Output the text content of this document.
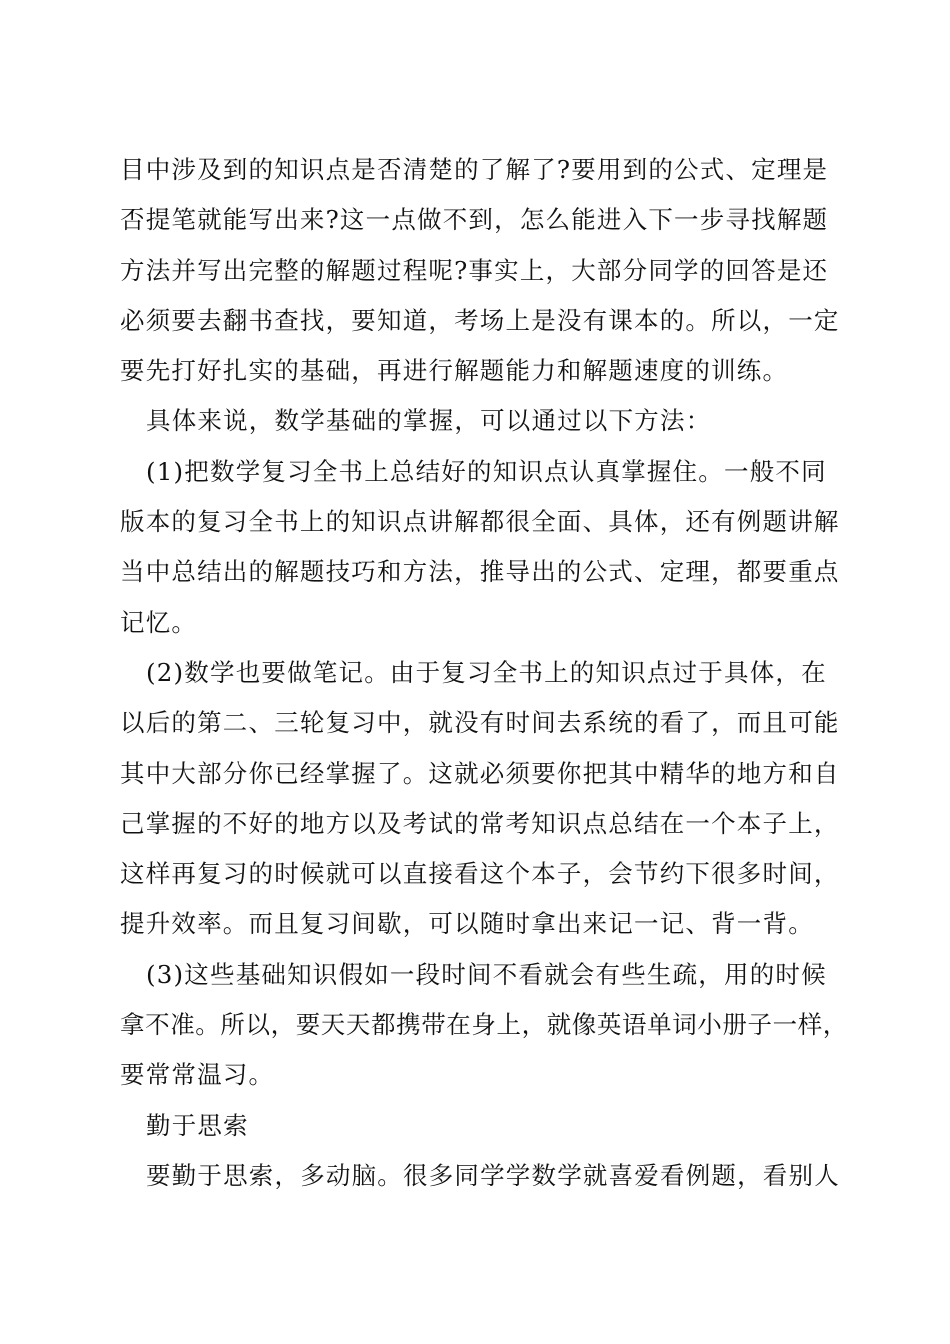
目中涉及到的知识点是否清楚的了解了?要用到的公式、定理是
否提笔就能写出来?这一点做不到，怎么能进入下一步寻找解题
方法并写出完整的解题过程呢?事实上，大部分同学的回答是还
必须要去翻书查找，要知道，考场上是没有课本的。所以，一定
要先打好扎实的基础，再进行解题能力和解题速度的训练。
具体来说，数学基础的掌握，可以通过以下方法：
(1)把数学复习全书上总结好的知识点认真掌握住。一般不同
版本的复习全书上的知识点讲解都很全面、具体，还有例题讲解
当中总结出的解题技巧和方法，推导出的公式、定理，都要重点
记忆。
(2)数学也要做笔记。由于复习全书上的知识点过于具体，在
以后的第二、三轮复习中，就没有时间去系统的看了，而且可能
其中大部分你已经掌握了。这就必须要你把其中精华的地方和自
己掌握的不好的地方以及考试的常考知识点总结在一个本子上，
这样再复习的时候就可以直接看这个本子，会节约下很多时间，
提升效率。而且复习间歇，可以随时拿出来记一记、背一背。
(3)这些基础知识假如一段时间不看就会有些生疏，用的时候
拿不准。所以，要天天都携带在身上，就像英语单词小册子一样，
要常常温习。
勤于思索
要勤于思索，多动脑。很多同学学数学就喜爱看例题，看别人
